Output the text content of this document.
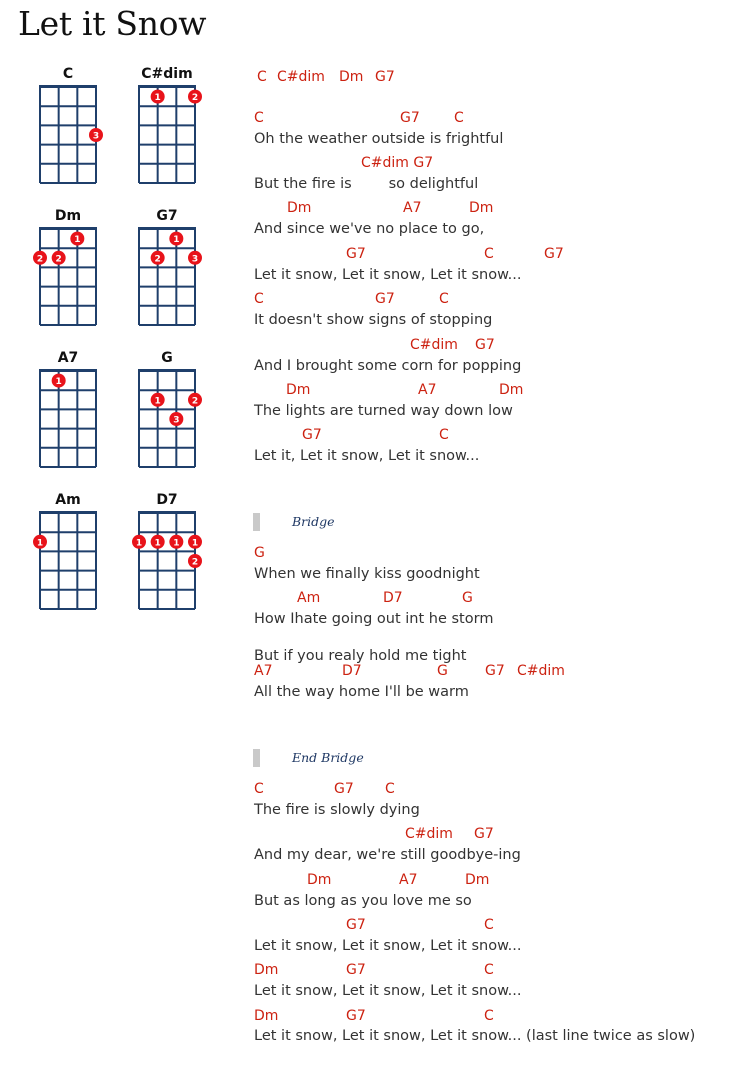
Let it Snow
C
3
C#dim
1	2
Dm
1
2 2
G7
1
2	3
A7
1
G
1	2
3
Am
1
D7
1 1 1 1
2

C

C#dim

Dm

G7

C

	G7

C

Oh the weather outside is frightful

C#dim G7

But the fire is        so delightful

Dm

	A7

	Dm

And since we've no place to go,

G7

	C

	G7

Let it snow, Let it snow, Let it snow...

C

	G7

	C

It doesn't show signs of stopping

C#dim

G7

And I brought some corn for popping

Dm

	A7

	Dm

The lights are turned way down low

G7

	C

Let it, Let it snow, Let it snow...
Bridge

G

When we finally kiss goodnight

Am

	D7

	G

How Ihate going out int he storm
But if you realy hold me tight

A7

	D7

	G

	G7

C#dim

All the way home I'll be warm
End Bridge

C

	G7

C

The fire is slowly dying

C#dim

G7

And my dear, we're still goodbye-ing

Dm

	A7

	Dm

But as long as you love me so

G7

	C

Let it snow, Let it snow, Let it snow...

Dm

	G7

	C

Let it snow, Let it snow, Let it snow...

Dm

	G7

	C

Let it snow, Let it snow, Let it snow... (last line twice as slow)
